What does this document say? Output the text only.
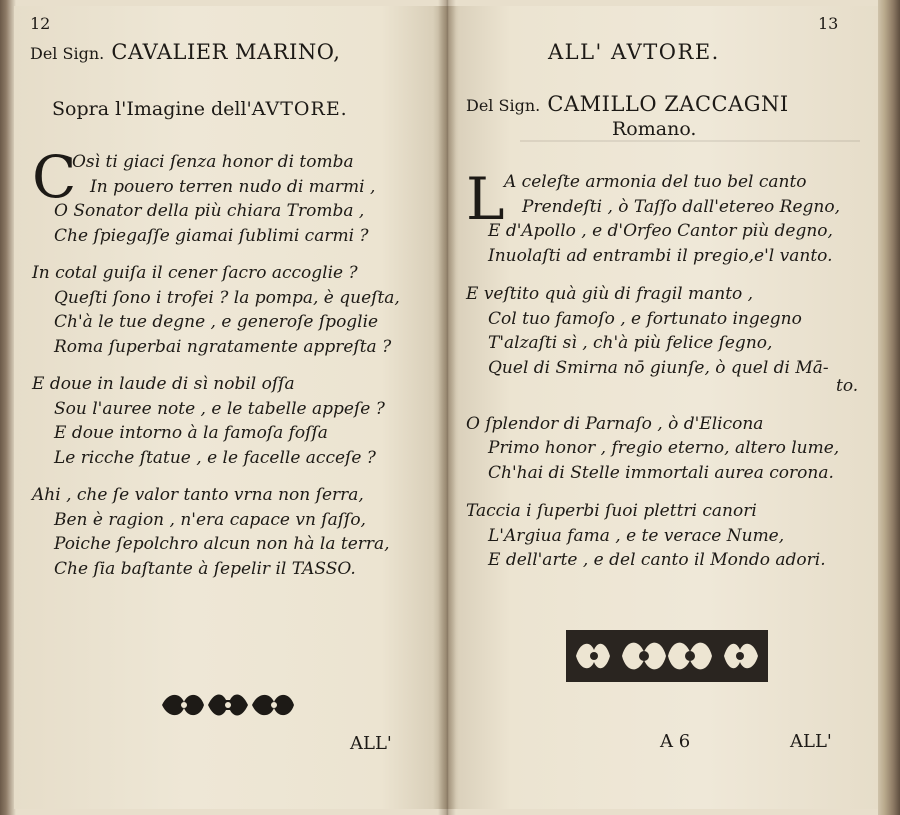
12
Del Sign. CAVALIER MARINO,
Sopra l'Imagine dell'AVTORE.
C
Osì ti giaci ſenza honor di tomba
In pouero terren nudo di marmi ,
O Sonator della più chiara Tromba ,
Che ſpiegaſſe giamai ſublimi carmi ?
In cotal guiſa il cener ſacro accoglie ?
Queſti ſono i trofei ? la pompa, è queſta,
Ch'à le tue degne , e generoſe ſpoglie
Roma ſuperbai ngratamente appreſta ?
E doue in laude di sì nobil oſſa
Sou l'auree note , e le tabelle appeſe ?
E doue intorno à la famoſa foſſa
Le ricche ſtatue , e le facelle acceſe ?
Ahi , che ſe valor tanto vrna non ſerra,
Ben è ragion , n'era capace vn ſaſſo,
Poiche ſepolchro alcun non hà la terra,
Che ſia baſtante à ſepelir il TASSO.
ALL'
13
ALL' AVTORE.
Del Sign. CAMILLO ZACCAGNI
Romano.
L A celeſte armonia del tuo bel canto
Prendeſti , ò Taſſo dall'etereo Regno,
E d'Apollo , e d'Orfeo Cantor più degno,
Inuolaſti ad entrambi il pregio,e'l vanto.
E veſtito quà giù di fragil manto ,
Col tuo famoſo , e fortunato ingegno
T'alzaſti sì , ch'à più felice ſegno,
Quel di Smirna nō giunſe, ò quel di Mā-
to.
O ſplendor di Parnaſo , ò d'Elicona
Primo honor , fregio eterno, altero lume,
Ch'hai di Stelle immortali aurea corona.
Taccia i ſuperbi ſuoi plettri canori
L'Argiua fama , e te verace Nume,
E dell'arte , e del canto il Mondo adori.
A 6	ALL'
